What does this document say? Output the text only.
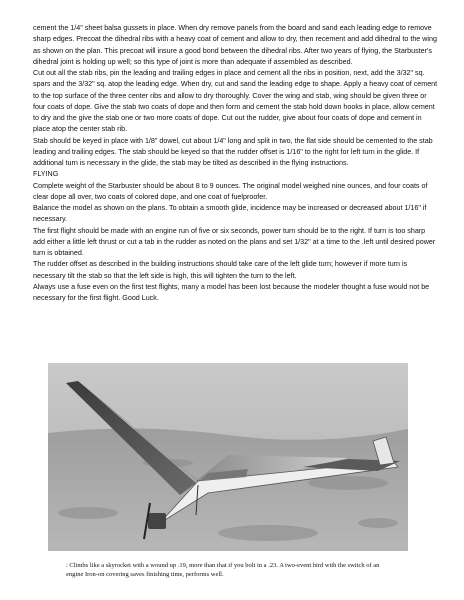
cement the 1/4" sheet balsa gussets in place. When dry remove panels from the board and sand each leading edge to remove sharp edges. Precoat the dihedral ribs with a heavy coat of cement and allow to dry, then recement and add dihedral to the wing as shown on the plan. This precoat will insure a good bond between the dihedral ribs. After two years of flying, the Starbuster's dihedral joint is holding up well; so this type of joint is more than adequate if assembled as described.

Cut out all the stab ribs, pin the leading and trailing edges in place and cement all the ribs in position, next, add the 3/32" sq. spars and the 3/32" sq. atop the leading edge. When dry, cut and sand the leading edge to shape. Apply a heavy coat of cement to the top surface of the three center ribs and allow to dry thoroughly. Cover the wing and stab, wing should be given three or four coats of dope. Give the stab two coats of dope and then form and cement the stab hold down hooks in place, allow cement to dry and the give the stab one or two more coats of dope. Cut out the rudder, give about four coats of dope and cement in place atop the center stab rib.

Stab should be keyed in place with 1/8" dowel, cut about 1/4" long and split in two, the flat side should be cemented to the stab leading and trailing edges. The stab should be keyed so that the rudder offset is 1/16" to the right for left turn in the glide. If additional turn is necessary in the glide, the stab may be tilted as described in the flying instructions.

FLYING

Complete weight of the Starbuster should be about 8 to 9 ounces. The original model weighed nine ounces, and four coats of clear dope all over, two coats of colored dope, and one coat of fuelproofer.

Balance the model as shown on the plans. To obtain a smooth glide, incidence may be increased or decreased about 1/16" if necessary.

The first flight should be made with an engine run of five or six seconds, power turn should be to the right. If turn is too sharp add either a little left thrust or cut a tab in the rudder as noted on the plans and set 1/32" at a time to the .left until desired power turn is obtained.

The rudder offset as described in the building instructions should take care of the left glide turn; however if more turn is necessary tilt the stab so that the left side is high, this will tighten the turn to the left.

Always use a fuse even on the first test flights, many a model has been lost because the modeler thought a fuse would not be necessary for the first flight. Good Luck.

: Climbs like a skyrocket with a wound up .19, more than that if you bolt in a .23. A two-event bird with the switch of an engine Iron-on covering saves finishing time, performs well.
